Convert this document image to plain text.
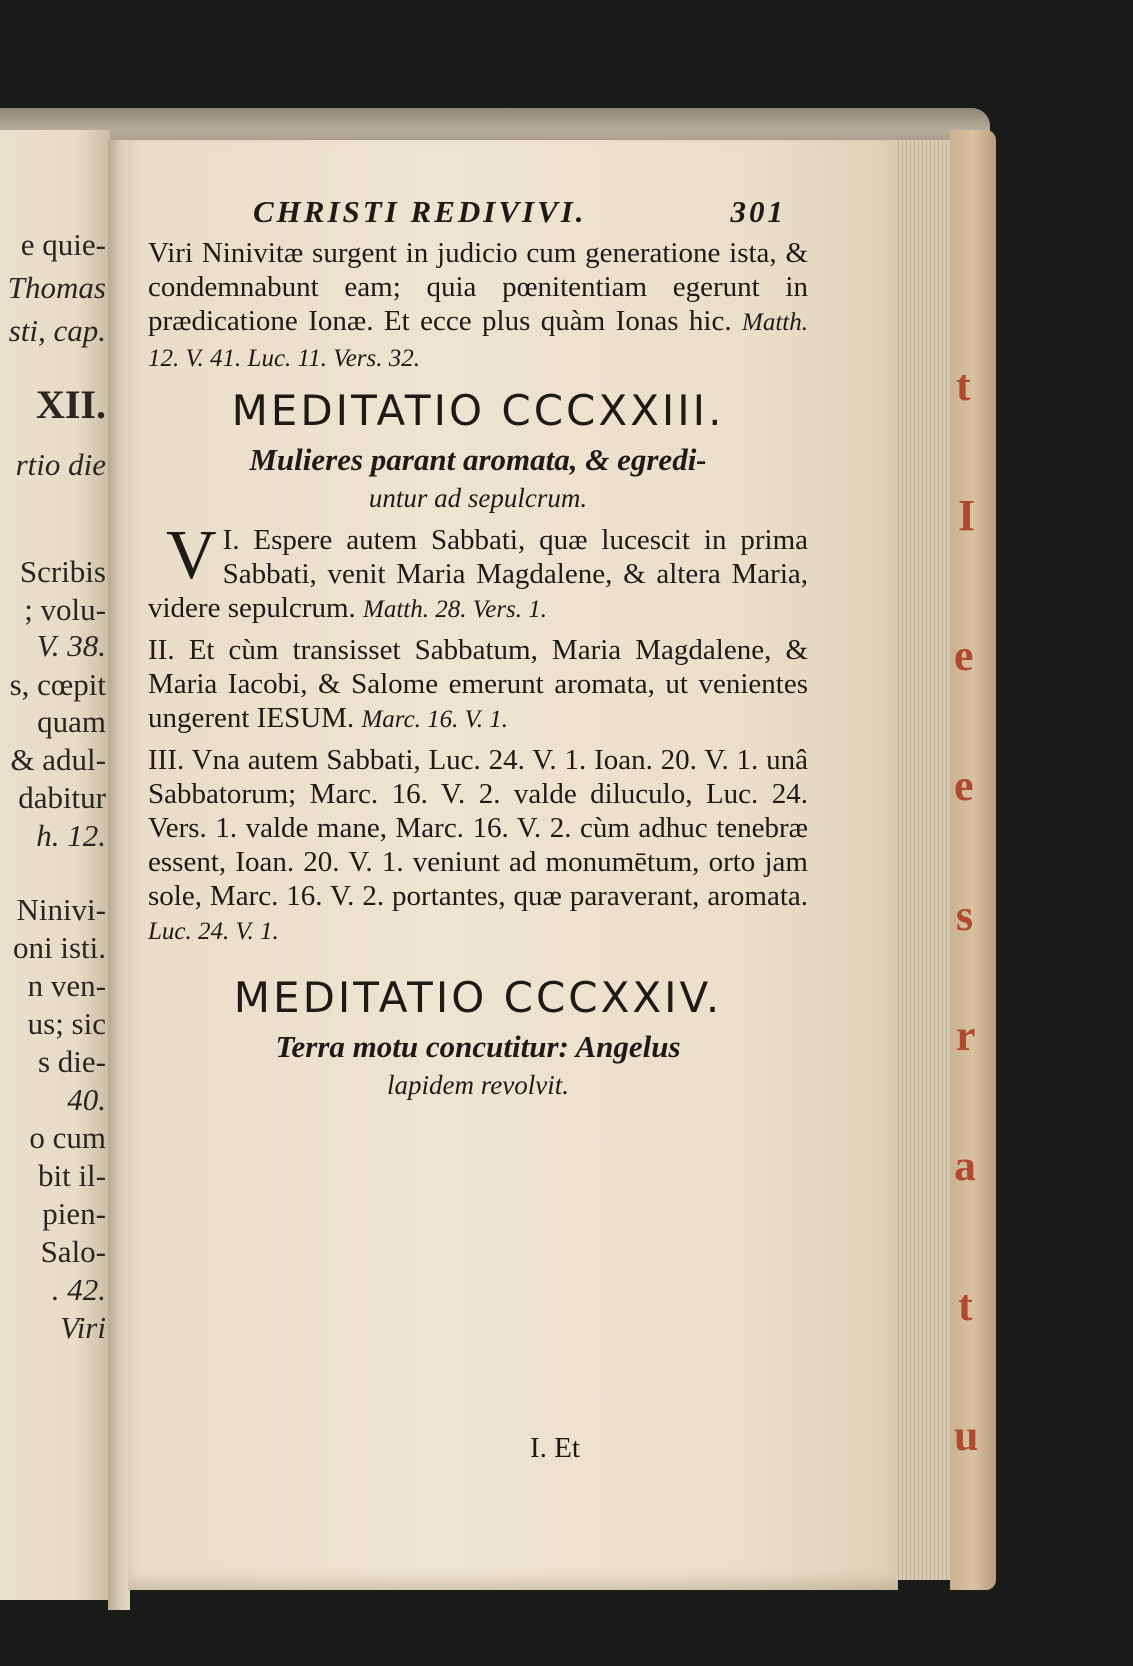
e quie-
Thomas
sti, cap.
XII.
rtio die
Scribis
; volu-
V. 38.
s, cœpit
quam
& adul-
dabitur
h. 12.
Ninivi-
oni isti.
n ven-
us; sic
s die-
40.
o cum
bit il-
pien-
Salo-
. 42.
Viri
t
I
e
e
s
r
a
t
u
CHRISTI REDIVIVI.	301

Viri Ninivitæ surgent in judicio cum generatione ista, & condemnabunt eam; quia pœnitentiam egerunt in prædicatione Ionæ. Et ecce plus quàm Ionas hic. Matth. 12. V. 41. Luc. 11. Vers. 32.

MEDITATIO CCCXXIII.
Mulieres parant aromata, & egredi-
untur ad sepulcrum.

I.
V Espere autem Sabbati, quæ lucescit in prima Sabbati, venit Maria Magdalene, & altera Maria, videre sepulcrum. Matth. 28. Vers. 1.

II. Et cùm transisset Sabbatum, Maria Magdalene, & Maria Iacobi, & Salome emerunt aromata, ut venientes ungerent IESUM. Marc. 16. V. 1.

III. Vna autem Sabbati, Luc. 24. V. 1. Ioan. 20. V. 1. unâ Sabbatorum; Marc. 16. V. 2. valde diluculo, Luc. 24. Vers. 1. valde mane, Marc. 16. V. 2. cùm adhuc tenebræ essent, Ioan. 20. V. 1. veniunt ad monumētum, orto jam sole, Marc. 16. V. 2. portantes, quæ paraverant, aromata. Luc. 24. V. 1.

MEDITATIO CCCXXIV.
Terra motu concutitur: Angelus
lapidem revolvit.
I. Et
